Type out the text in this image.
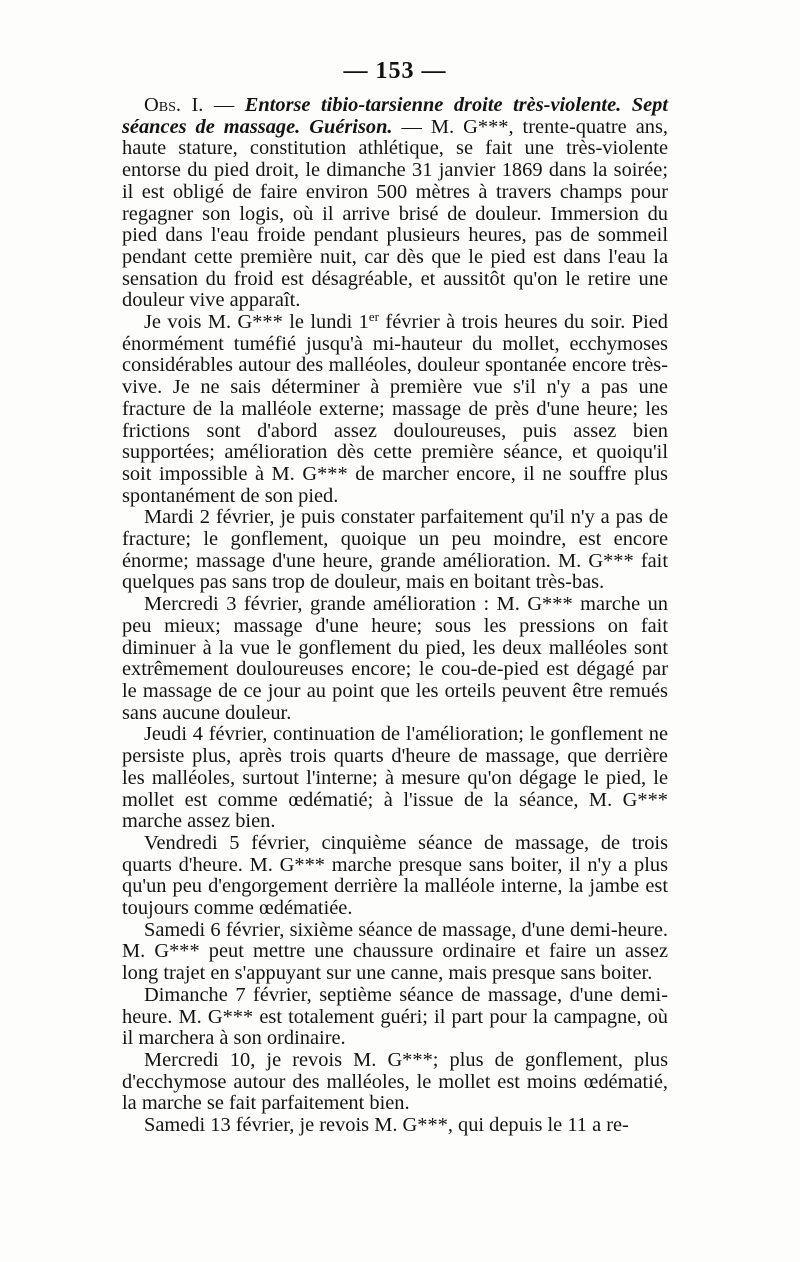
— 153 —

Obs. I. — Entorse tibio-tarsienne droite très-violente. Sept séances de massage. Guérison. — M. G***, trente-quatre ans, haute stature, constitution athlétique, se fait une très-violente entorse du pied droit, le dimanche 31 janvier 1869 dans la soirée; il est obligé de faire environ 500 mètres à travers champs pour regagner son logis, où il arrive brisé de douleur. Immersion du pied dans l'eau froide pendant plusieurs heures, pas de sommeil pendant cette première nuit, car dès que le pied est dans l'eau la sensation du froid est désagréable, et aussitôt qu'on le retire une douleur vive apparaît.

Je vois M. G*** le lundi 1er février à trois heures du soir. Pied énormément tuméfié jusqu'à mi-hauteur du mollet, ecchymoses considérables autour des malléoles, douleur spontanée encore très-vive. Je ne sais déterminer à première vue s'il n'y a pas une fracture de la malléole externe; massage de près d'une heure; les frictions sont d'abord assez douloureuses, puis assez bien supportées; amélioration dès cette première séance, et quoiqu'il soit impossible à M. G*** de marcher encore, il ne souffre plus spontanément de son pied.

Mardi 2 février, je puis constater parfaitement qu'il n'y a pas de fracture; le gonflement, quoique un peu moindre, est encore énorme; massage d'une heure, grande amélioration. M. G*** fait quelques pas sans trop de douleur, mais en boitant très-bas.

Mercredi 3 février, grande amélioration : M. G*** marche un peu mieux; massage d'une heure; sous les pressions on fait diminuer à la vue le gonflement du pied, les deux malléoles sont extrêmement douloureuses encore; le cou-de-pied est dégagé par le massage de ce jour au point que les orteils peuvent être remués sans aucune douleur.

Jeudi 4 février, continuation de l'amélioration; le gonflement ne persiste plus, après trois quarts d'heure de massage, que derrière les malléoles, surtout l'interne; à mesure qu'on dégage le pied, le mollet est comme œdématié; à l'issue de la séance, M. G*** marche assez bien.

Vendredi 5 février, cinquième séance de massage, de trois quarts d'heure. M. G*** marche presque sans boiter, il n'y a plus qu'un peu d'engorgement derrière la malléole interne, la jambe est toujours comme œdématiée.

Samedi 6 février, sixième séance de massage, d'une demi-heure. M. G*** peut mettre une chaussure ordinaire et faire un assez long trajet en s'appuyant sur une canne, mais presque sans boiter.

Dimanche 7 février, septième séance de massage, d'une demi-heure. M. G*** est totalement guéri; il part pour la campagne, où il marchera à son ordinaire.

Mercredi 10, je revois M. G***; plus de gonflement, plus d'ecchymose autour des malléoles, le mollet est moins œdématié, la marche se fait parfaitement bien.

Samedi 13 février, je revois M. G***, qui depuis le 11 a re-
